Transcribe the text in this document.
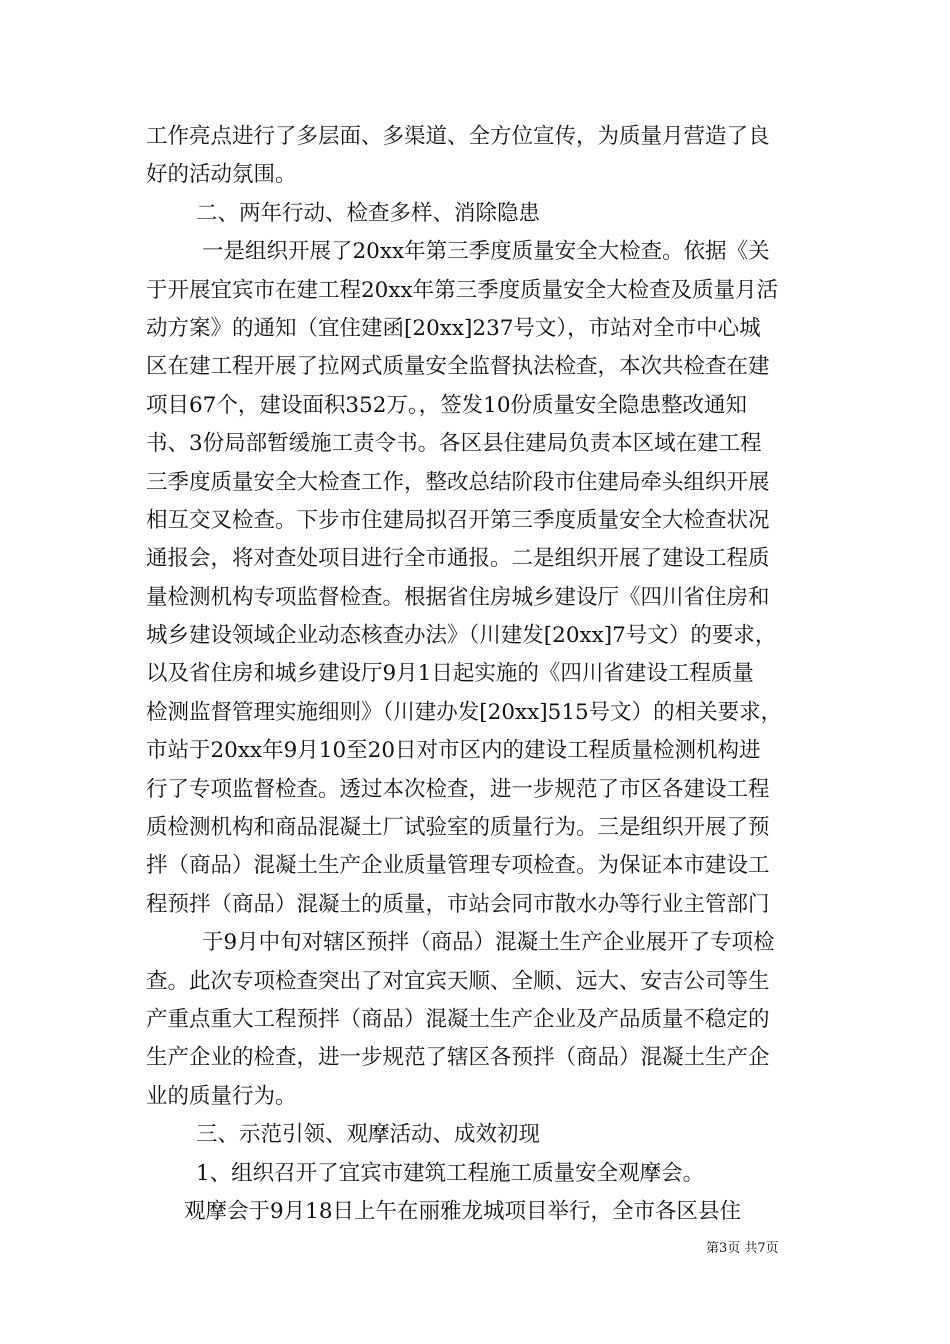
工作亮点进行了多层面、多渠道、全方位宣传，为质量月营造了良
好的活动氛围。
二、两年行动、检查多样、消除隐患
一是组织开展了20xx年第三季度质量安全大检查。依据《关
于开展宜宾市在建工程20xx年第三季度质量安全大检查及质量月活
动方案》的通知（宜住建函[20xx]237号文），市站对全市中心城
区在建工程开展了拉网式质量安全监督执法检查，本次共检查在建
项目67个，建设面积352万。，签发10份质量安全隐患整改通知
书、3份局部暂缓施工责令书。各区县住建局负责本区域在建工程
三季度质量安全大检查工作，整改总结阶段市住建局牵头组织开展
相互交叉检查。下步市住建局拟召开第三季度质量安全大检查状况
通报会，将对查处项目进行全市通报。二是组织开展了建设工程质
量检测机构专项监督检查。根据省住房城乡建设厅《四川省住房和
城乡建设领域企业动态核查办法》（川建发[20xx]7号文）的要求，
以及省住房和城乡建设厅9月1日起实施的《四川省建设工程质量
检测监督管理实施细则》（川建办发[20xx]515号文）的相关要求，
市站于20xx年9月10至20日对市区内的建设工程质量检测机构进
行了专项监督检查。透过本次检查，进一步规范了市区各建设工程
质检测机构和商品混凝土厂试验室的质量行为。三是组织开展了预
拌（商品）混凝土生产企业质量管理专项检查。为保证本市建设工
程预拌（商品）混凝土的质量，市站会同市散水办等行业主管部门
于9月中旬对辖区预拌（商品）混凝土生产企业展开了专项检
查。此次专项检查突出了对宜宾天顺、全顺、远大、安吉公司等生
产重点重大工程预拌（商品）混凝土生产企业及产品质量不稳定的
生产企业的检查，进一步规范了辖区各预拌（商品）混凝土生产企
业的质量行为。
三、示范引领、观摩活动、成效初现
1、组织召开了宜宾市建筑工程施工质量安全观摩会。
观摩会于9月18日上午在丽雅龙城项目举行，全市各区县住
第3页 共7页
